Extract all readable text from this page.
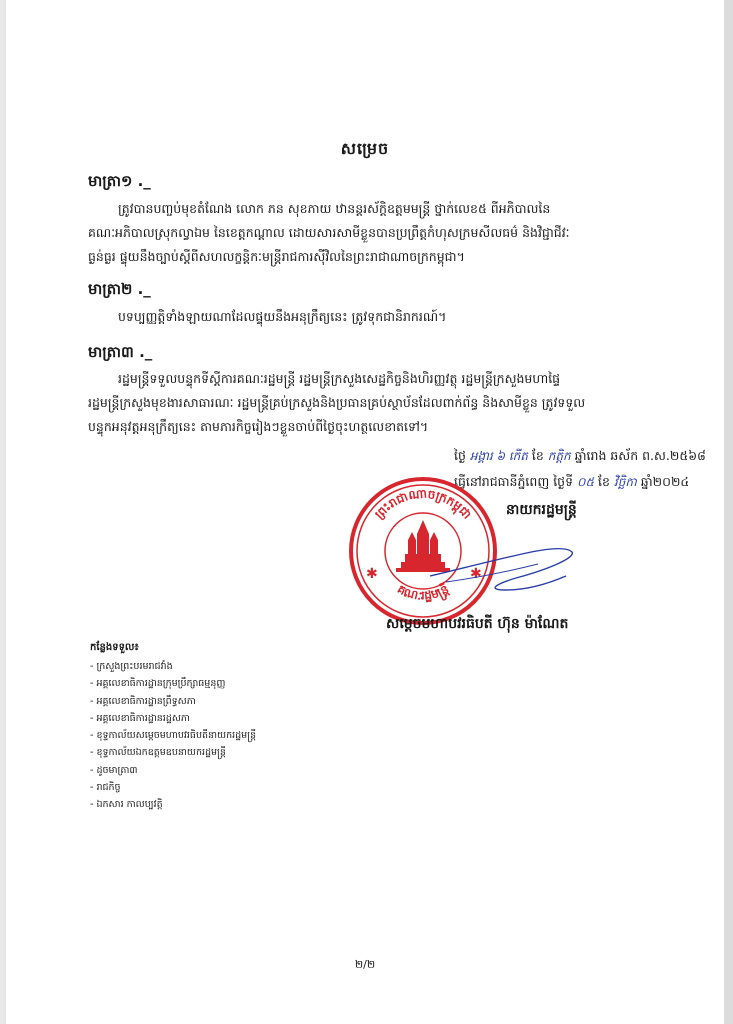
សម្រេច
មាត្រា១ ._
ត្រូវបានបញ្ចប់មុខតំណែង លោក ភន សុខភាយ ឋានន្តរស័ក្តិឧត្តមមន្ត្រី ថ្នាក់លេខ៥ ពីអភិបាលនៃ
គណៈអភិបាលស្រុកល្វាឯម នៃខេត្តកណ្ដាល ដោយសារសាមីខ្លួនបានប្រព្រឹត្តកំហុសក្រមសីលធម៌ និងវិជ្ជាជីវៈ
ធ្ងន់ធ្ងរ ផ្ទុយនឹងច្បាប់ស្ដីពីសហលក្ខន្តិកៈមន្ត្រីរាជការស៊ីវិលនៃព្រះរាជាណាចក្រកម្ពុជា។
មាត្រា២ ._
បទប្បញ្ញត្តិទាំងឡាយណាដែលផ្ទុយនឹងអនុក្រឹត្យនេះ ត្រូវទុកជានិរាករណ៍។
មាត្រា៣ ._
រដ្ឋមន្ត្រីទទួលបន្ទុកទីស្ដីការគណៈរដ្ឋមន្ត្រី រដ្ឋមន្ត្រីក្រសួងសេដ្ឋកិច្ចនិងហិរញ្ញវត្ថុ រដ្ឋមន្ត្រីក្រសួងមហាផ្ទៃ
រដ្ឋមន្ត្រីក្រសួងមុខងារសាធារណៈ រដ្ឋមន្ត្រីគ្រប់ក្រសួងនិងប្រធានគ្រប់ស្ថាប័នដែលពាក់ព័ន្ធ និងសាមីខ្លួន ត្រូវទទួល
បន្ទុកអនុវត្តអនុក្រឹត្យនេះ តាមភារកិច្ចរៀងៗខ្លួនចាប់ពីថ្ងៃចុះហត្ថលេខាតទៅ។
ថ្ងៃ អង្គារ ៦ កើត ខែ កត្ដិក ឆ្នាំរោង ឆស័ក ព.ស.២៥៦៨
ធ្វើនៅរាជធានីភ្នំពេញ ថ្ងៃទី ០៥ ខែ វិច្ឆិកា ឆ្នាំ២០២៤
នាយករដ្ឋមន្ត្រី
ព្រះរាជាណាចក្រកម្ពុជា
គណៈរដ្ឋមន្ត្រី
✱	✱
សម្តេចមហាបវរធិបតី ហ៊ុន ម៉ាណែត
កន្លែងទទួល៖
- ក្រសួងព្រះបរមរាជវាំង
- អគ្គលេខាធិការដ្ឋានក្រុមប្រឹក្សាធម្មនុញ្ញ
- អគ្គលេខាធិការដ្ឋានព្រឹទ្ធសភា
- អគ្គលេខាធិការដ្ឋានរដ្ឋសភា
- ខុទ្ទកាល័យសម្តេចមហាបវរធិបតីនាយករដ្ឋមន្ត្រី
- ខុទ្ទកាល័យឯកឧត្តមឧបនាយករដ្ឋមន្ត្រី
- ដូចមាត្រា៣
- រាជកិច្ច
- ឯកសារ កាលប្បវត្តិ
២/២
